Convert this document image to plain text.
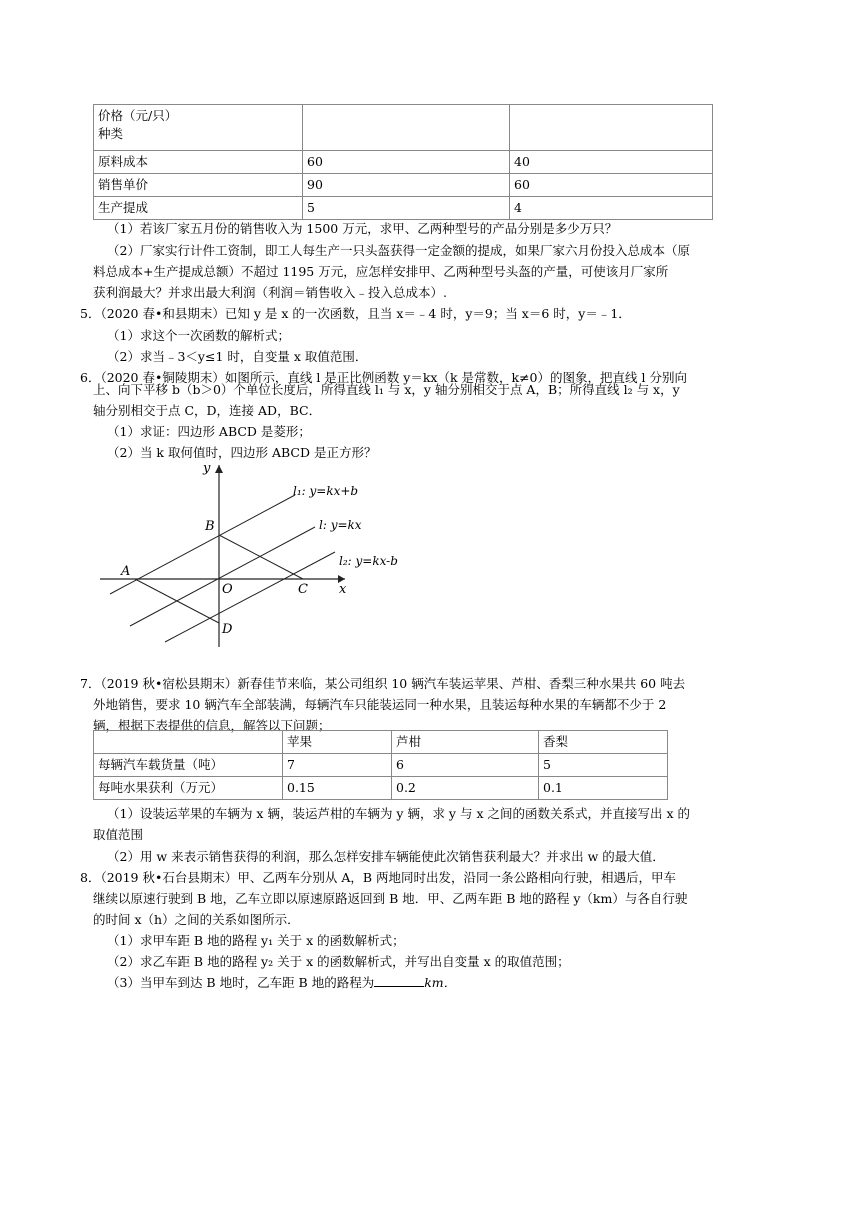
价格（元/只）
种类		

原料成本	60	40
销售单价	90	60
生产提成	5	4
（1）若该厂家五月份的销售收入为 1500 万元，求甲、乙两种型号的产品分别是多少万只？
（2）厂家实行计件工资制，即工人每生产一只头盔获得一定金额的提成，如果厂家六月份投入总成本（原
料总成本+生产提成总额）不超过 1195 万元，应怎样安排甲、乙两种型号头盔的产量，可使该月厂家所
获利润最大？并求出最大利润（利润＝销售收入﹣投入总成本）.
5．（2020 春•和县期末）已知 y 是 x 的一次函数，且当 x＝﹣4 时，y＝9；当 x＝6 时，y＝﹣1．
（1）求这个一次函数的解析式；
（2）求当﹣3＜y≤1 时，自变量 x 取值范围．
6．（2020 春•铜陵期末）如图所示，直线 l 是正比例函数 y＝kx（k 是常数，k≠0）的图象，把直线 l 分别向
上、向下平移 b（b＞0）个单位长度后，所得直线 l₁ 与 x，y 轴分别相交于点 A，B；所得直线 l₂ 与 x，y
轴分别相交于点 C，D，连接 AD，BC．
（1）求证：四边形 ABCD 是菱形；
（2）当 k 取何值时，四边形 ABCD 是正方形？
y
x
A
B
C
D
O
l₁: y=kx+b
l: y=kx
l₂: y=kx-b
7．（2019 秋•宿松县期末）新春佳节来临，某公司组织 10 辆汽车装运苹果、芦柑、香梨三种水果共 60 吨去
外地销售，要求 10 辆汽车全部装满，每辆汽车只能装运同一种水果，且装运每种水果的车辆都不少于 2
辆，根据下表提供的信息，解答以下问题；
	苹果	芦柑	香梨
每辆汽车载货量（吨）	7	6	5
每吨水果获利（万元）	0.15	0.2	0.1
（1）设装运苹果的车辆为 x 辆，装运芦柑的车辆为 y 辆，求 y 与 x 之间的函数关系式，并直接写出 x 的
取值范围
（2）用 w 来表示销售获得的利润，那么怎样安排车辆能使此次销售获利最大？并求出 w 的最大值．
8．（2019 秋•石台县期末）甲、乙两车分别从 A，B 两地同时出发，沿同一条公路相向行驶，相遇后，甲车
继续以原速行驶到 B 地，乙车立即以原速原路返回到 B 地．甲、乙两车距 B 地的路程 y（km）与各自行驶
的时间 x（h）之间的关系如图所示．
（1）求甲车距 B 地的路程 y₁ 关于 x 的函数解析式；
（2）求乙车距 B 地的路程 y₂ 关于 x 的函数解析式，并写出自变量 x 的取值范围；
（3）当甲车到达 B 地时，乙车距 B 地的路程为	km．
